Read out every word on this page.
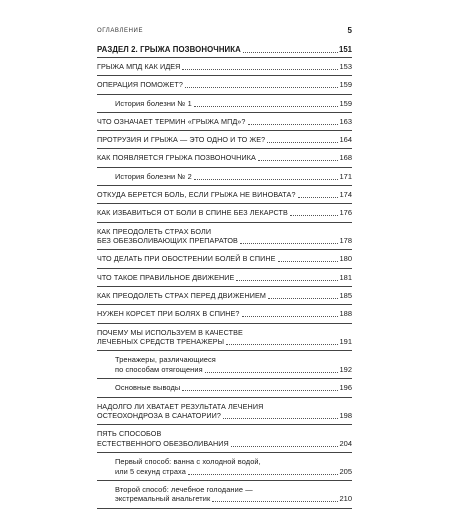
ОГЛАВЛЕНИЕ	5
РАЗДЕЛ 2. ГРЫЖА ПОЗВОНОЧНИКА	151
ГРЫЖА МПД КАК ИДЕЯ	153
ОПЕРАЦИЯ ПОМОЖЕТ?	159
История болезни № 1	159
ЧТО ОЗНАЧАЕТ ТЕРМИН «ГРЫЖА МПД»?	163
ПРОТРУЗИЯ И ГРЫЖА — ЭТО ОДНО И ТО ЖЕ?	164
КАК ПОЯВЛЯЕТСЯ ГРЫЖА ПОЗВОНОЧНИКА	168
История болезни № 2	171
ОТКУДА БЕРЕТСЯ БОЛЬ, ЕСЛИ ГРЫЖА НЕ ВИНОВАТА?	174
КАК ИЗБАВИТЬСЯ ОТ БОЛИ В СПИНЕ БЕЗ ЛЕКАРСТВ	176
КАК ПРЕОДОЛЕТЬ СТРАХ БОЛИ
БЕЗ ОБЕЗБОЛИВАЮЩИХ ПРЕПАРАТОВ	178
ЧТО ДЕЛАТЬ ПРИ ОБОСТРЕНИИ БОЛЕЙ В СПИНЕ	180
ЧТО ТАКОЕ ПРАВИЛЬНОЕ ДВИЖЕНИЕ	181
КАК ПРЕОДОЛЕТЬ СТРАХ ПЕРЕД ДВИЖЕНИЕМ	185
НУЖЕН КОРСЕТ ПРИ БОЛЯХ В СПИНЕ?	188
ПОЧЕМУ МЫ ИСПОЛЬЗУЕМ В КАЧЕСТВЕ
ЛЕЧЕБНЫХ СРЕДСТВ ТРЕНАЖЕРЫ	191
Тренажеры, различающиеся
по способам отягощения	192
Основные выводы	196
НАДОЛГО ЛИ ХВАТАЕТ РЕЗУЛЬТАТА ЛЕЧЕНИЯ
ОСТЕОХОНДРОЗА В САНАТОРИИ?	198
ПЯТЬ СПОСОБОВ
ЕСТЕСТВЕННОГО ОБЕЗБОЛИВАНИЯ	204
Первый способ: ванна с холодной водой,
или 5 секунд страха	205
Второй способ: лечебное голодание —
экстремальный анальгетик	210
